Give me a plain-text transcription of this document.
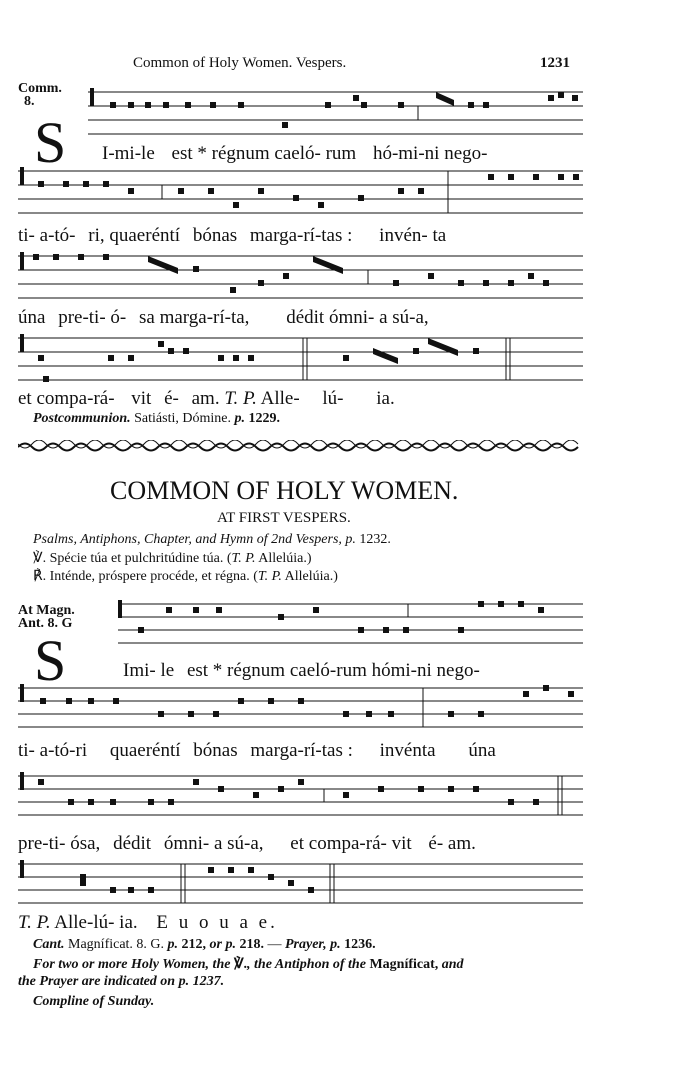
Common of Holy Women. Vespers.	1231
Comm.
8.
S I-mi-le est * régnum caeló- rum hó-mi-ni nego-
ti- a-tó- ri, quaeréntí bónas marga-rí-tas : invén- ta
úna pre-ti- ó- sa marga-rí-ta, dédit ómni- a sú-a,
et compa-rá- vit é- am. T. P. Alle- lú- ia.
Postcommunion. Satiásti, Dómine. p. 1229.
COMMON OF HOLY WOMEN.
AT FIRST VESPERS.
Psalms, Antiphons, Chapter, and Hymn of 2nd Vespers, p. 1232.
℣. Spécie túa et pulchritúdine túa. (T. P. Allelúia.)
℟. Inténde, próspere procéde, et régna. (T. P. Allelúia.)
At Magn.
Ant. 8. G
S	Imi- le est * régnum caeló-rum hómi-ni nego-
ti- a-tó-ri quaeréntí bónas marga-rí-tas : invénta úna
pre-ti- ósa, dédit ómni- a sú-a, et compa-rá- vit é- am.
T. P. Alle-lú- ia. E u o u a e.
Cant. Magníficat. 8. G. p. 212, or p. 218. — Prayer, p. 1236.
For two or more Holy Women, the ℣., the Antiphon of the Magníficat, and
the Prayer are indicated on p. 1237.
Compline of Sunday.
